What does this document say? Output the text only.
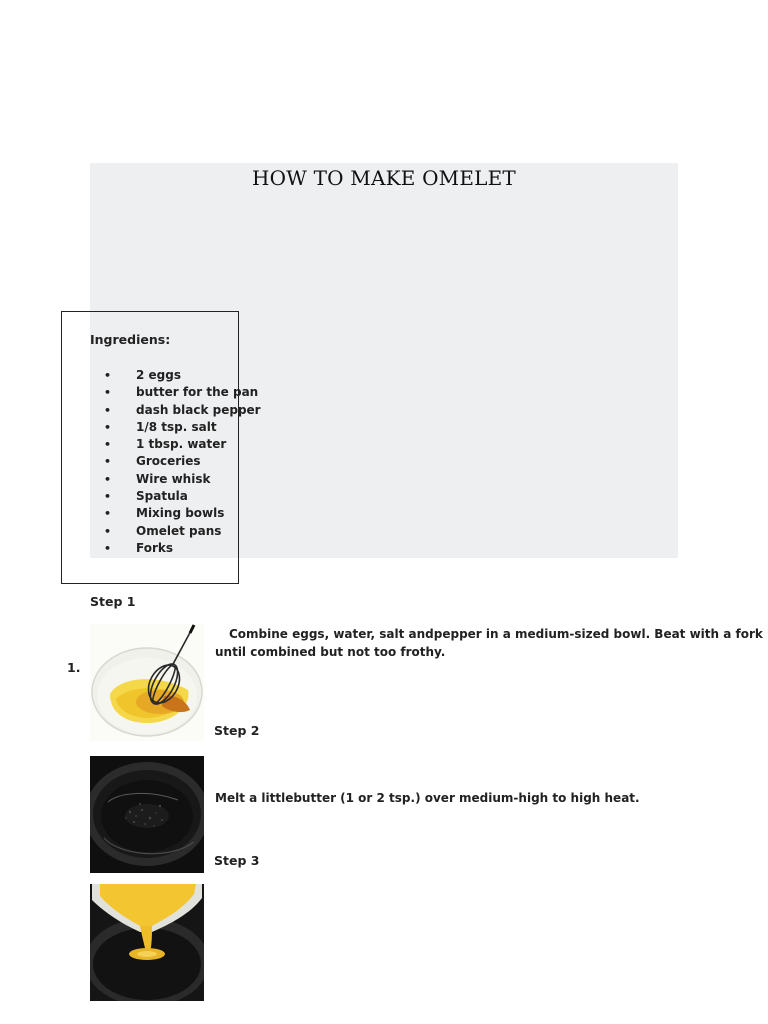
HOW TO MAKE OMELET
Ingrediens:
• 2 eggs
• butter for the pan
• dash black pepper
• 1/8 tsp. salt
• 1 tbsp. water
• Groceries
• Wire whisk
• Spatula
• Mixing bowls
• Omelet pans
• Forks
Step 1
1.
Combine eggs, water, salt andpepper in a medium-sized bowl. Beat with a fork
until combined but not too frothy.
Step 2
Melt a littlebutter (1 or 2 tsp.) over medium-high to high heat.
Step 3
